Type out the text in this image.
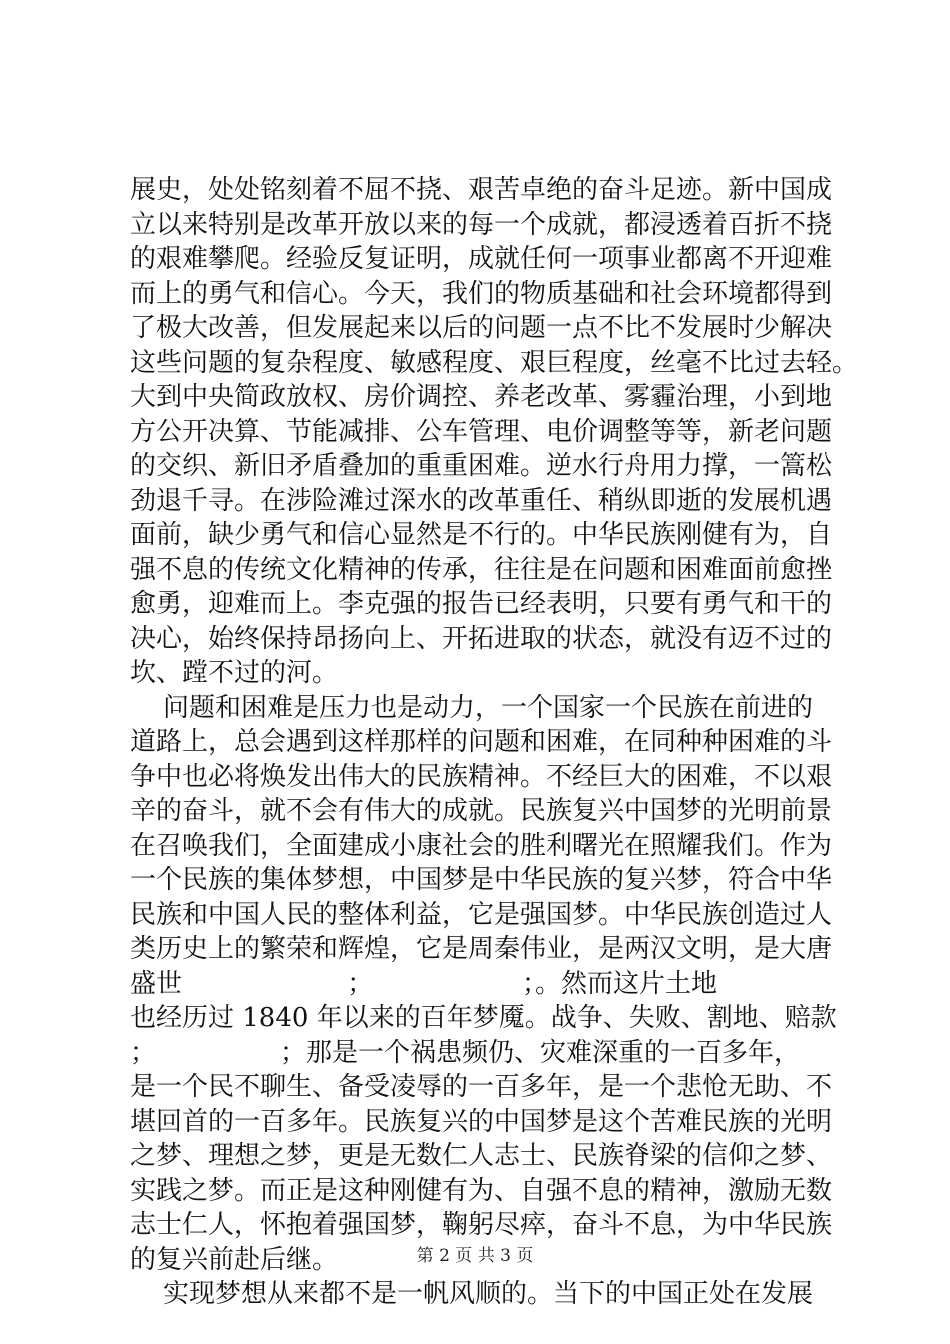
展史，处处铭刻着不屈不挠、艰苦卓绝的奋斗足迹。新中国成
立以来特别是改革开放以来的每一个成就，都浸透着百折不挠
的艰难攀爬。经验反复证明，成就任何一项事业都离不开迎难
而上的勇气和信心。今天，我们的物质基础和社会环境都得到
了极大改善，但发展起来以后的问题一点不比不发展时少解决
这些问题的复杂程度、敏感程度、艰巨程度，丝毫不比过去轻。
大到中央简政放权、房价调控、养老改革、雾霾治理，小到地
方公开决算、节能减排、公车管理、电价调整等等，新老问题
的交织、新旧矛盾叠加的重重困难。逆水行舟用力撑，一篙松
劲退千寻。在涉险滩过深水的改革重任、稍纵即逝的发展机遇
面前，缺少勇气和信心显然是不行的。中华民族刚健有为，自
强不息的传统文化精神的传承，往往是在问题和困难面前愈挫
愈勇，迎难而上。李克强的报告已经表明，只要有勇气和干的
决心，始终保持昂扬向上、开拓进取的状态，就没有迈不过的
坎、蹚不过的河。
问题和困难是压力也是动力，一个国家一个民族在前进的
道路上，总会遇到这样那样的问题和困难，在同种种困难的斗
争中也必将焕发出伟大的民族精神。不经巨大的困难，不以艰
辛的奋斗，就不会有伟大的成就。民族复兴中国梦的光明前景
在召唤我们，全面建成小康社会的胜利曙光在照耀我们。作为
一个民族的集体梦想，中国梦是中华民族的复兴梦，符合中华
民族和中国人民的整体利益，它是强国梦。中华民族创造过人
类历史上的繁荣和辉煌，它是周秦伟业，是两汉文明，是大唐
盛世                    ；                  ；。然而这片土地
也经历过 1840 年以来的百年梦魇。战争、失败、割地、赔款
；               ；那是一个祸患频仍、灾难深重的一百多年，
是一个民不聊生、备受凌辱的一百多年，是一个悲怆无助、不
堪回首的一百多年。民族复兴的中国梦是这个苦难民族的光明
之梦、理想之梦，更是无数仁人志士、民族脊梁的信仰之梦、
实践之梦。而正是这种刚健有为、自强不息的精神，激励无数
志士仁人，怀抱着强国梦，鞠躬尽瘁，奋斗不息，为中华民族
的复兴前赴后继。
实现梦想从来都不是一帆风顺的。当下的中国正处在发展
第 2 页 共 3 页
